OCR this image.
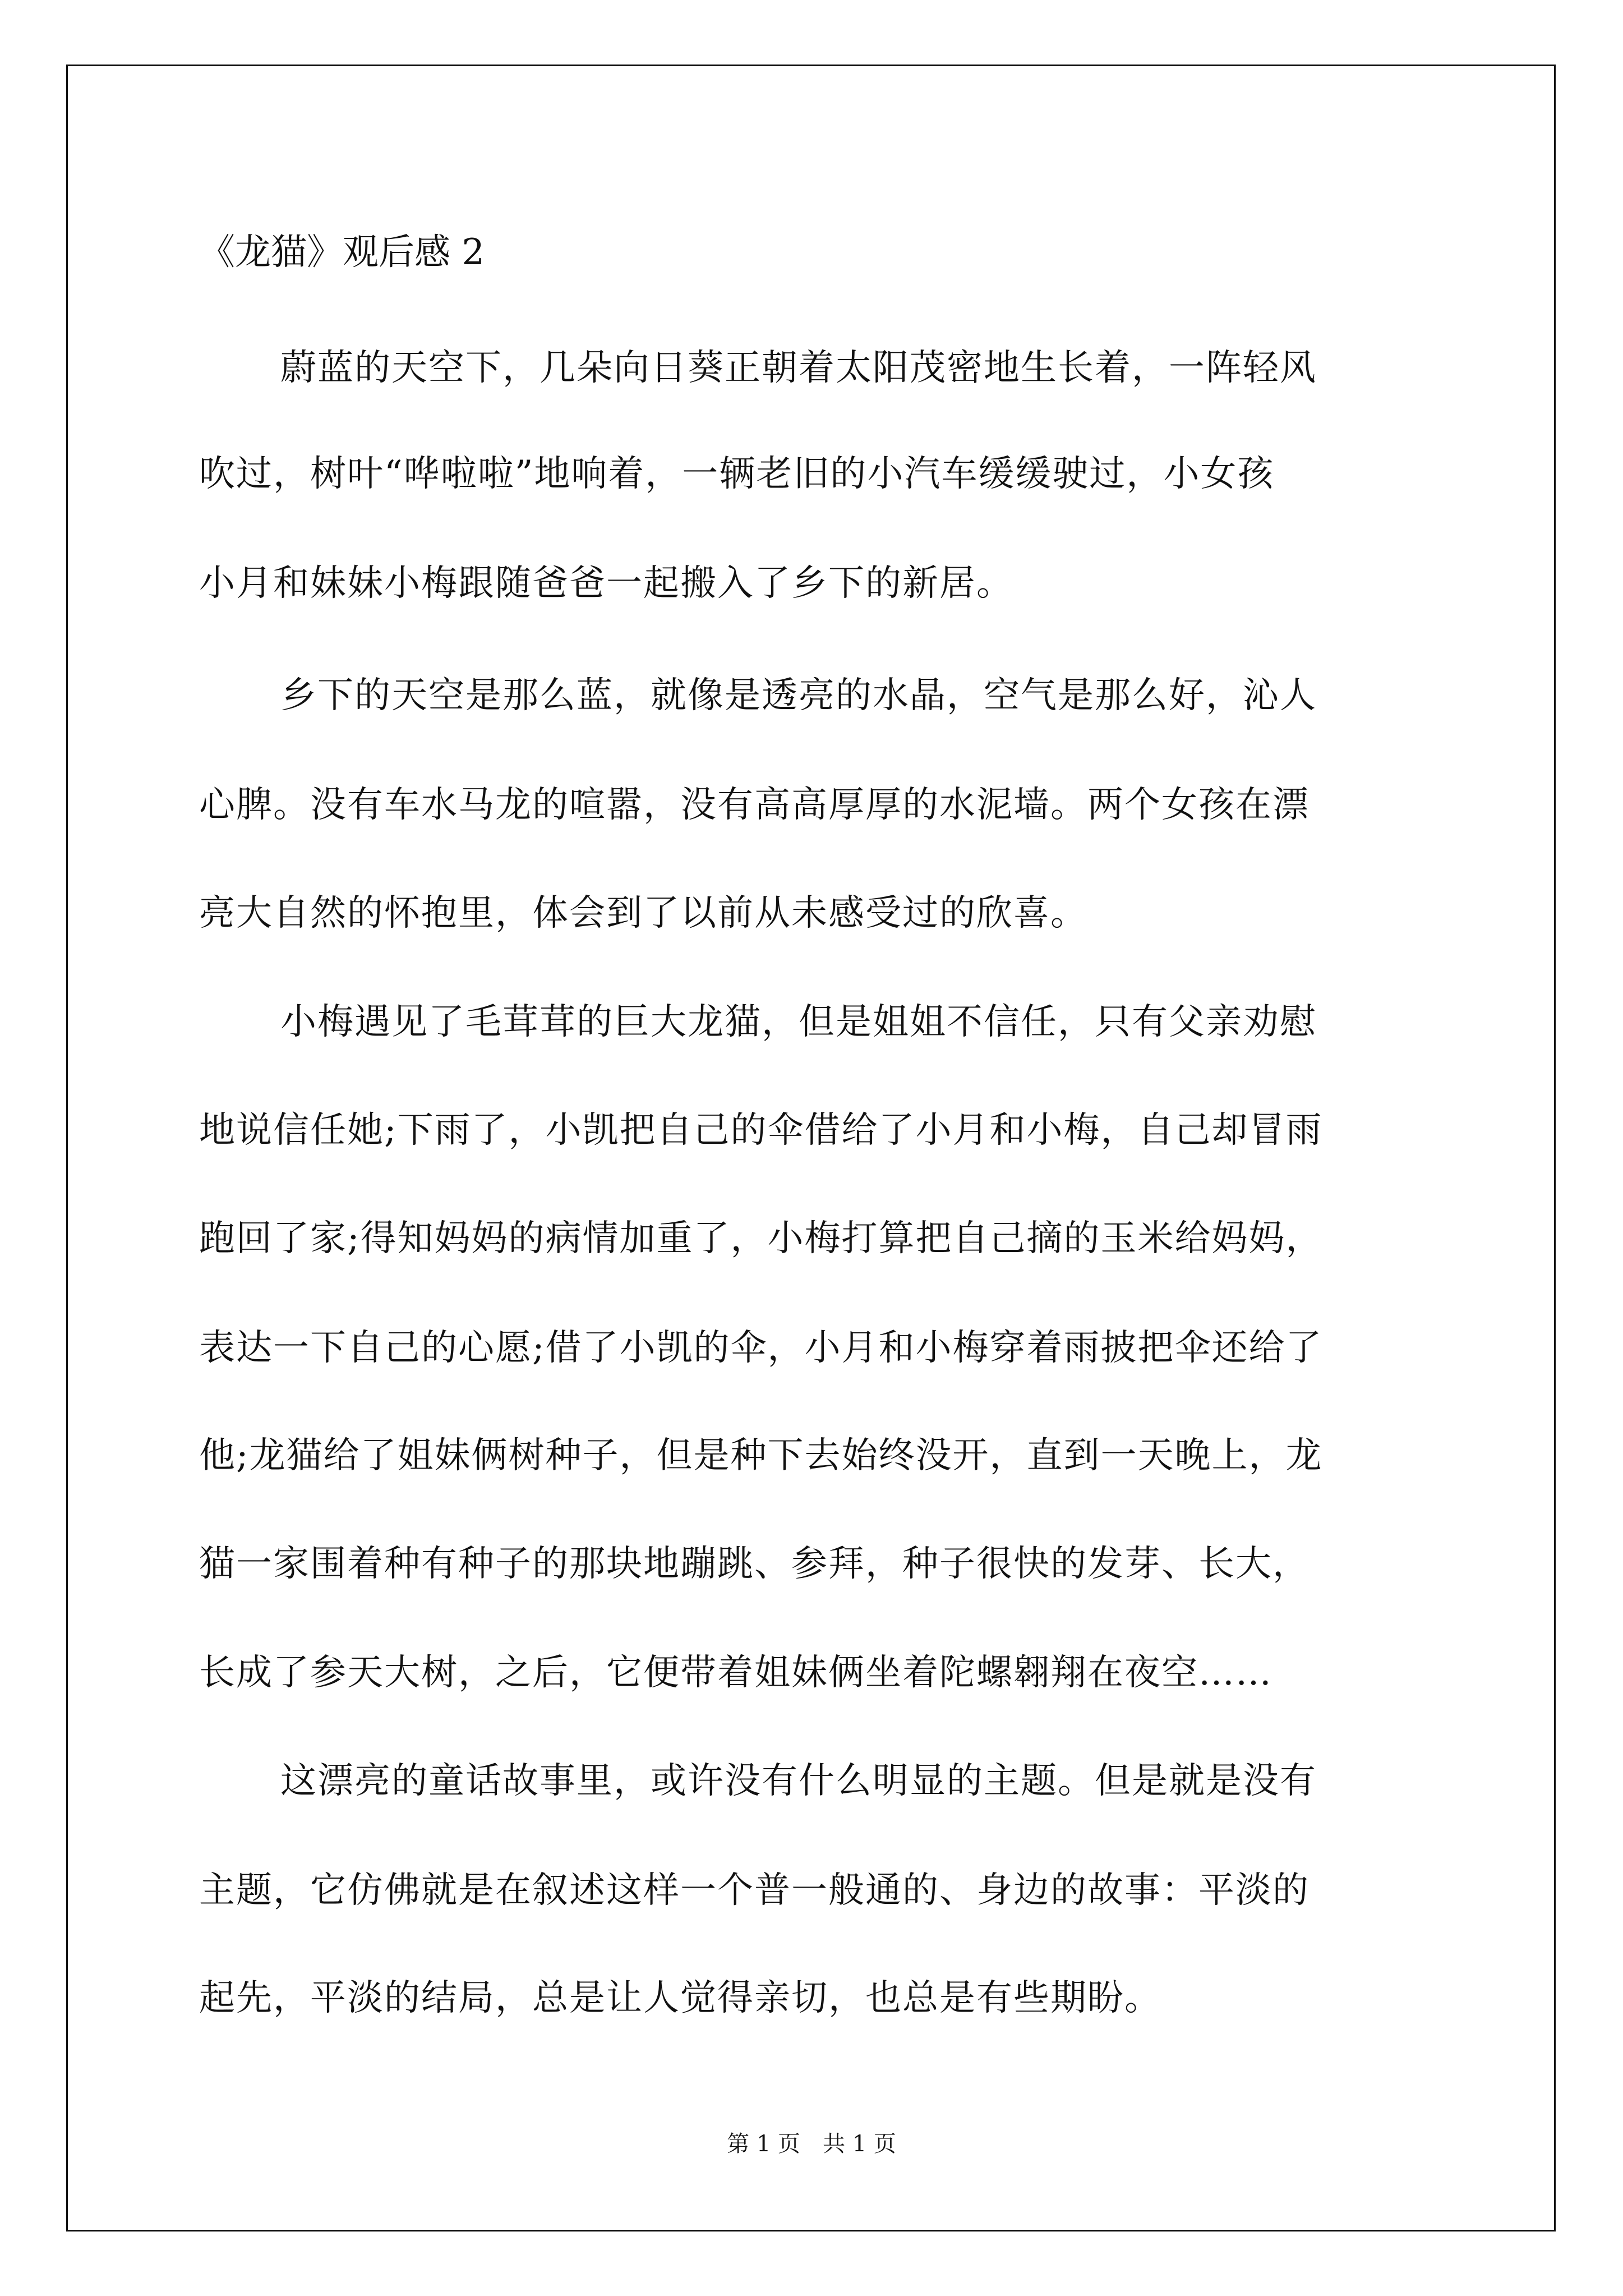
《龙猫》观后感 2

蔚蓝的天空下，几朵向日葵正朝着太阳茂密地生长着，一阵轻风

吹过，树叶“哗啦啦”地响着，一辆老旧的小汽车缓缓驶过，小女孩

小月和妹妹小梅跟随爸爸一起搬入了乡下的新居。

乡下的天空是那么蓝，就像是透亮的水晶，空气是那么好，沁人

心脾。没有车水马龙的喧嚣，没有高高厚厚的水泥墙。两个女孩在漂

亮大自然的怀抱里，体会到了以前从未感受过的欣喜。

小梅遇见了毛茸茸的巨大龙猫，但是姐姐不信任，只有父亲劝慰

地说信任她;下雨了，小凯把自己的伞借给了小月和小梅，自己却冒雨

跑回了家;得知妈妈的病情加重了，小梅打算把自己摘的玉米给妈妈，

表达一下自己的心愿;借了小凯的伞，小月和小梅穿着雨披把伞还给了

他;龙猫给了姐妹俩树种子，但是种下去始终没开，直到一天晚上，龙

猫一家围着种有种子的那块地蹦跳、参拜，种子很快的发芽、长大，

长成了参天大树，之后，它便带着姐妹俩坐着陀螺翱翔在夜空……

这漂亮的童话故事里，或许没有什么明显的主题。但是就是没有

主题，它仿佛就是在叙述这样一个普一般通的、身边的故事：平淡的

起先，平淡的结局，总是让人觉得亲切，也总是有些期盼。

第 1 页　共 1 页
